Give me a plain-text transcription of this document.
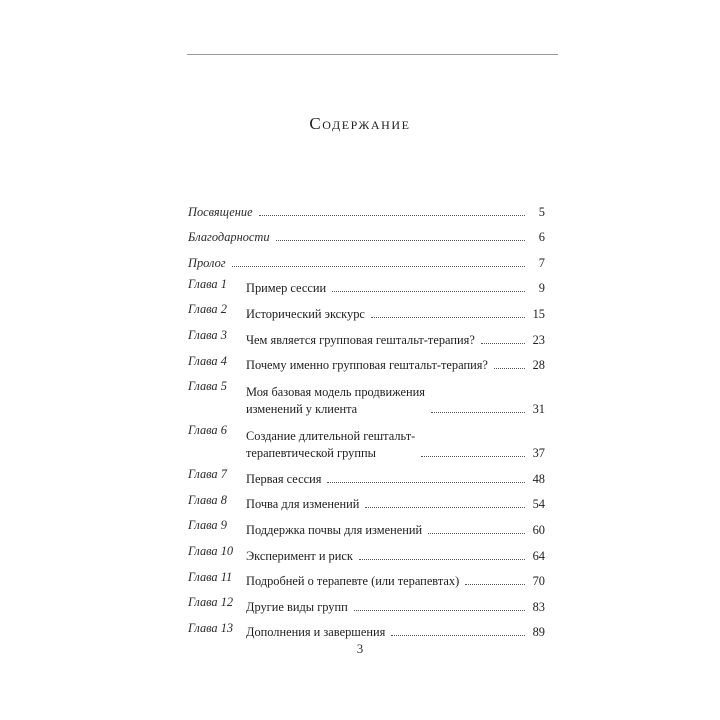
Содержание
Посвящение	5
Благодарности	6
Пролог	7
Глава 1	Пример сессии	9
Глава 2	Исторический экскурс	15
Глава 3	Чем является групповая гештальт-терапия?	23
Глава 4	Почему именно групповая гештальт-терапия?	28
Глава 5	Моя базовая модель продвижения
изменений у клиента	31
Глава 6	Создание длительной гештальт-
терапевтической группы	37
Глава 7	Первая сессия	48
Глава 8	Почва для изменений	54
Глава 9	Поддержка почвы для изменений	60
Глава 10	Эксперимент и риск	64
Глава 11	Подробней о терапевте (или терапевтах)	70
Глава 12	Другие виды групп	83
Глава 13	Дополнения и завершения	89
3
